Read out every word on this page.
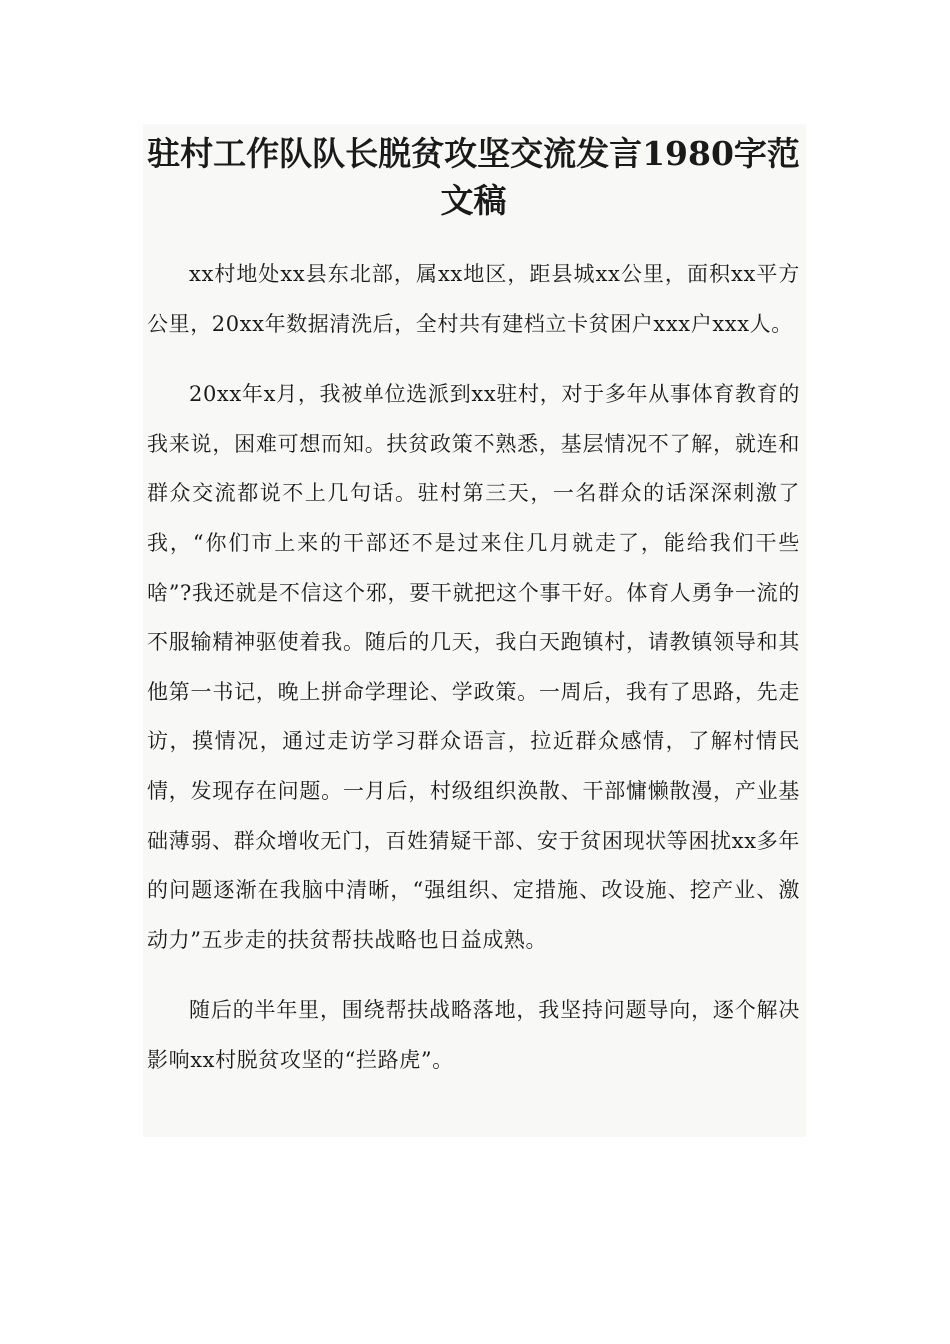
驻村工作队队长脱贫攻坚交流发言1980字范文稿

xx村地处xx县东北部，属xx地区，距县城xx公里，面积xx平方公里，20xx年数据清洗后，全村共有建档立卡贫困户xxx户xxx人。

20xx年x月，我被单位选派到xx驻村，对于多年从事体育教育的我来说，困难可想而知。扶贫政策不熟悉，基层情况不了解，就连和群众交流都说不上几句话。驻村第三天，一名群众的话深深刺激了我，“你们市上来的干部还不是过来住几月就走了，能给我们干些啥”?我还就是不信这个邪，要干就把这个事干好。体育人勇争一流的不服输精神驱使着我。随后的几天，我白天跑镇村，请教镇领导和其他第一书记，晚上拼命学理论、学政策。一周后，我有了思路，先走访，摸情况，通过走访学习群众语言，拉近群众感情，了解村情民情，发现存在问题。一月后，村级组织涣散、干部慵懒散漫，产业基础薄弱、群众增收无门，百姓猜疑干部、安于贫困现状等困扰xx多年的问题逐渐在我脑中清晰，“强组织、定措施、改设施、挖产业、激动力”五步走的扶贫帮扶战略也日益成熟。

随后的半年里，围绕帮扶战略落地，我坚持问题导向，逐个解决影响xx村脱贫攻坚的“拦路虎”。
